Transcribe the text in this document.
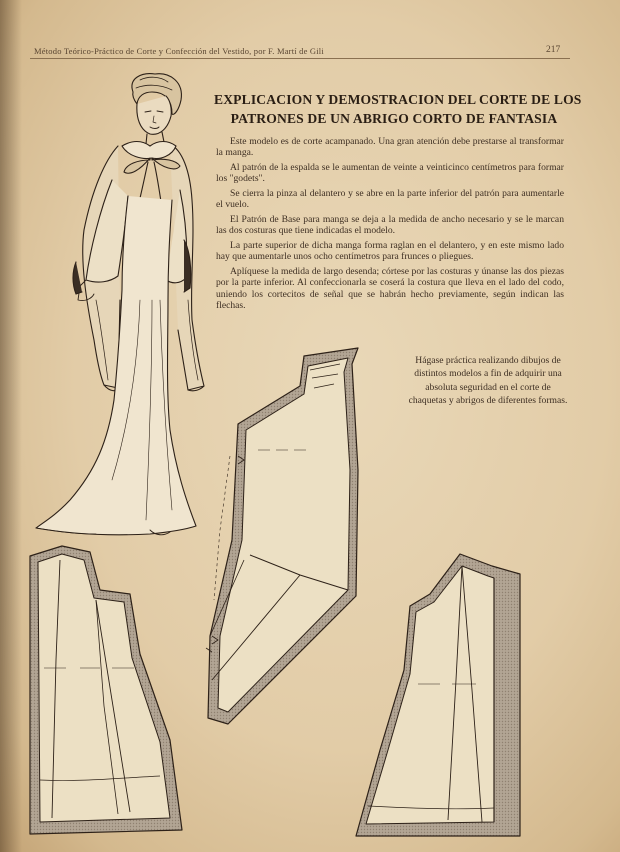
Método Teórico-Práctico de Corte y Confección del Vestido, por F. Martí de Gili	217
EXPLICACION Y DEMOSTRACION DEL CORTE DE LOS
PATRONES DE UN ABRIGO CORTO DE FANTASIA

Este modelo es de corte acampanado. Una gran atención debe prestarse al transformar la manga.

Al patrón de la espalda se le aumentan de veinte a veinticinco centímetros para formar los "godets".

Se cierra la pinza al delantero y se abre en la parte inferior del patrón para aumentarle el vuelo.

El Patrón de Base para manga se deja a la medida de ancho necesario y se le marcan las dos costuras que tiene indicadas el modelo.

La parte superior de dicha manga forma raglan en el delantero, y en este mismo lado hay que aumentarle unos ocho centímetros para frunces o pliegues.

Aplíquese la medida de largo desenda; córtese por las costuras y únanse las dos piezas por la parte inferior. Al confeccionarla se coserá la costura que lleva en el lado del codo, uniendo los cortecitos de señal que se habrán hecho previamente, según indican las flechas.

Hágase práctica realizando dibujos de distintos modelos a fin de adquirir una absoluta seguridad en el corte de chaquetas y abrigos de diferentes formas.
